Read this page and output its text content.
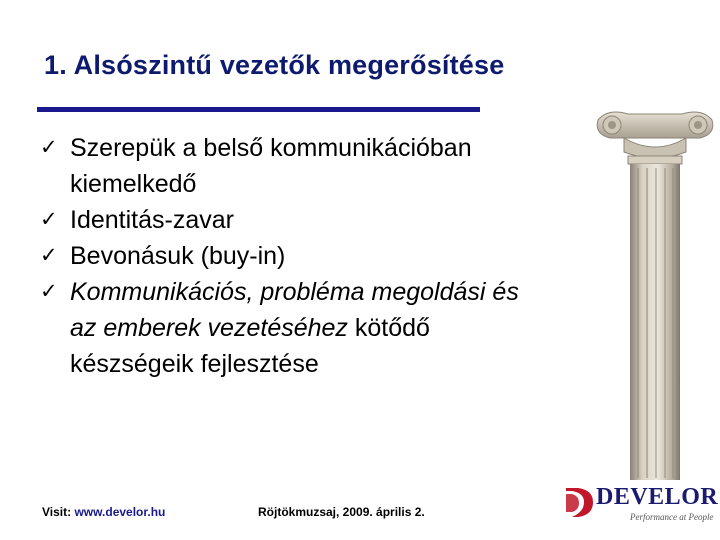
1. Alsószintű vezetők megerősítése
✓ Szerepük a belső kommunikációban
kiemelkedő
✓ Identitás-zavar
✓ Bevonásuk (buy-in)
✓ Kommunikációs, probléma megoldási és
az emberek vezetéséhez kötődő
készségeik fejlesztése
Visit: www.develor.hu	Röjtökmuzsaj, 2009. április 2.
DEVELOR
Performance at People
